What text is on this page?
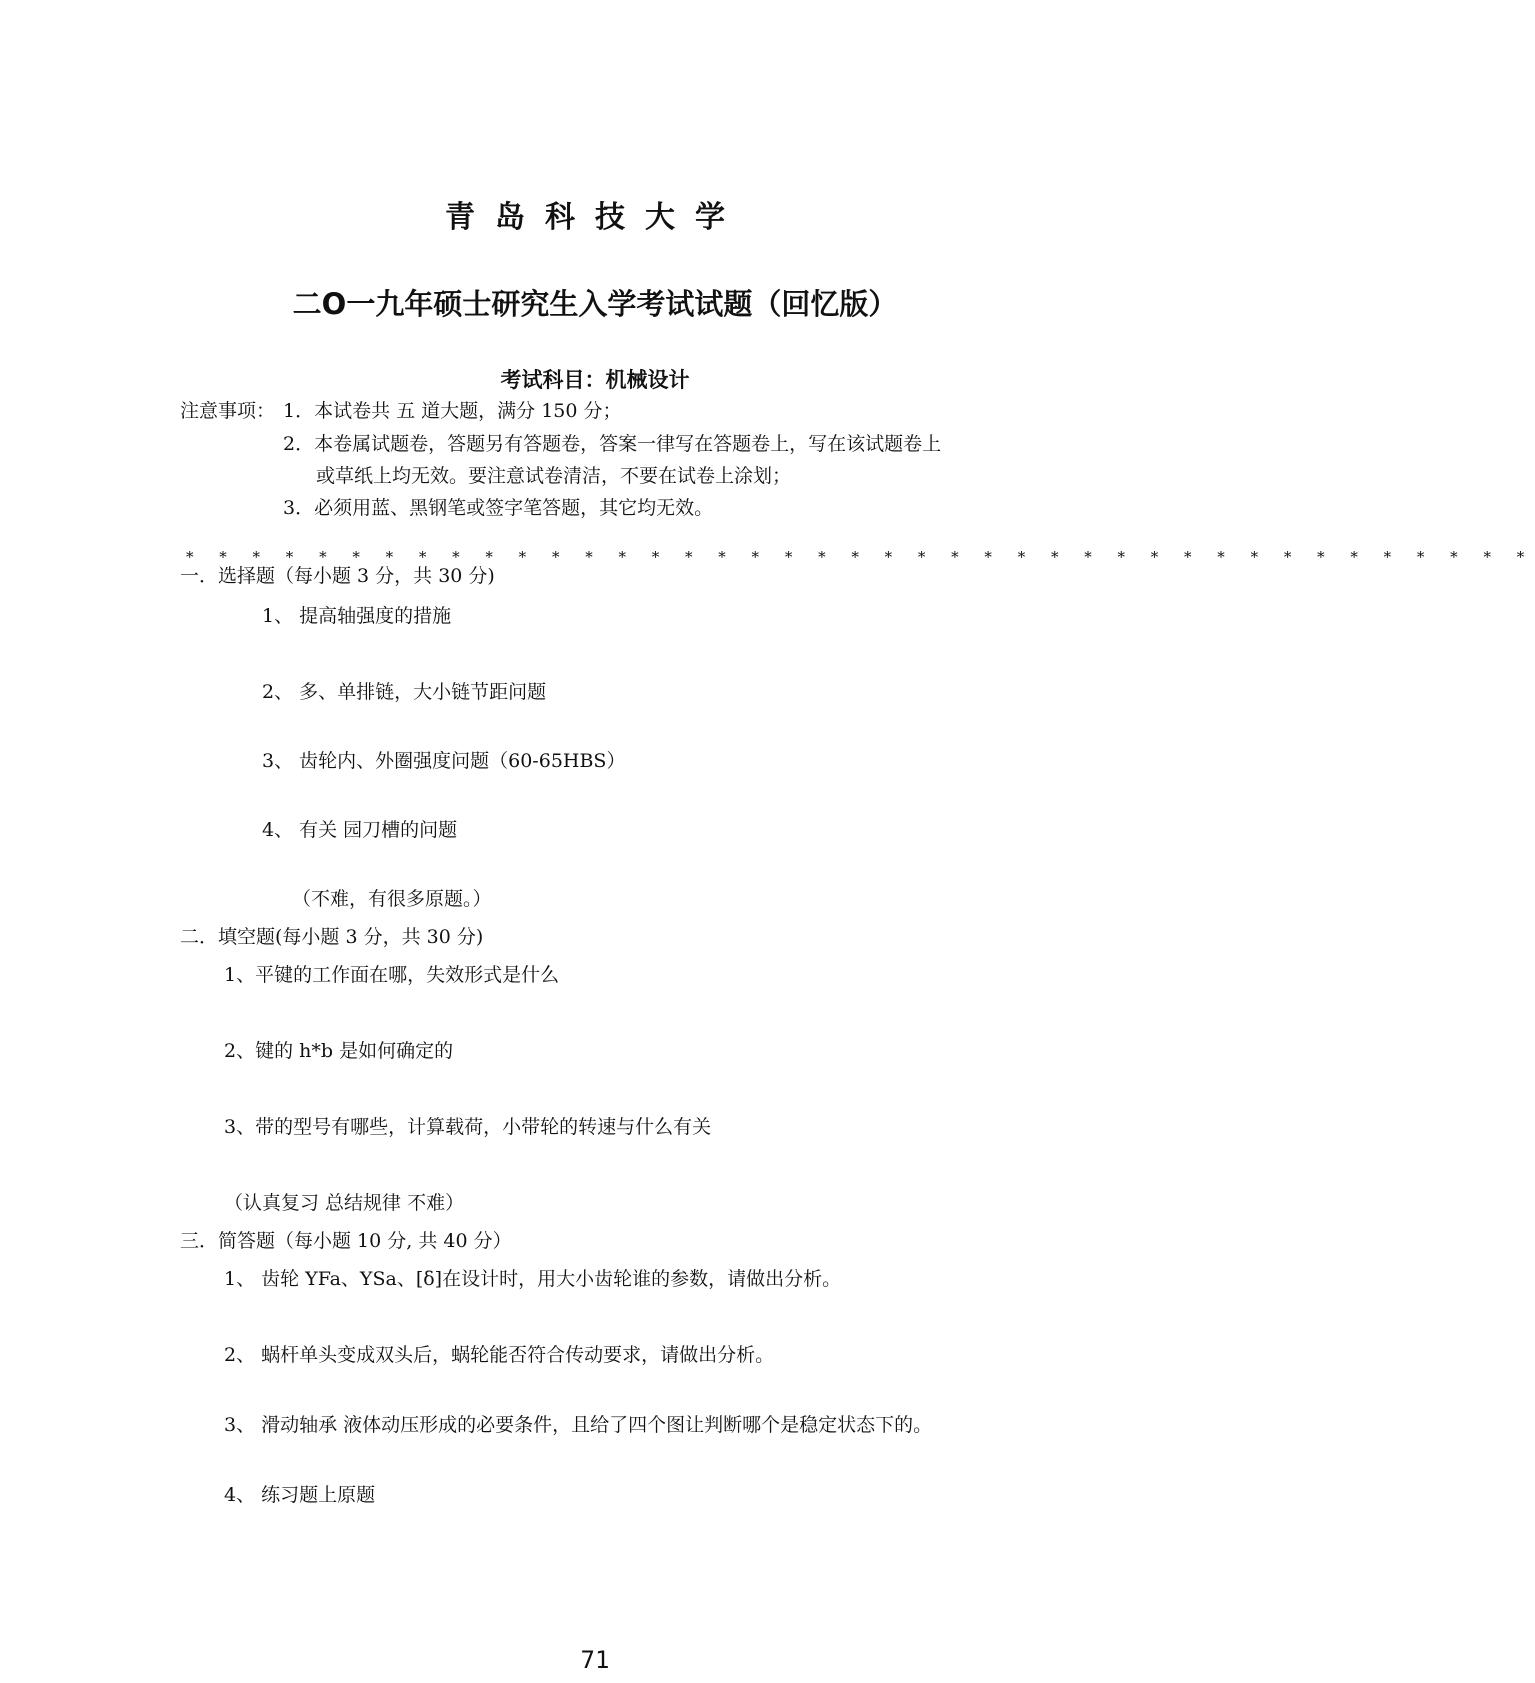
青岛科技大学
二O一九年硕士研究生入学考试试题（回忆版）
考试科目：机械设计
注意事项： 1．本试卷共 五 道大题，满分 150 分；
2．本卷属试题卷，答题另有答题卷，答案一律写在答题卷上，写在该试题卷上
或草纸上均无效。要注意试卷清洁，不要在试卷上涂划；
3．必须用蓝、黑钢笔或签字笔答题，其它均无效。
* * * * * * * * * * * * * * * * * * * * * * * * * * * * * * * * * * * * * * * * *
一．选择题（每小题 3 分，共 30 分)
1、 提高轴强度的措施
2、 多、单排链，大小链节距问题
3、 齿轮内、外圈强度问题（60-65HBS）
4、 有关 园刀槽的问题
（不难，有很多原题。）
二．填空题(每小题 3 分，共 30 分)
1、平键的工作面在哪，失效形式是什么
2、键的 h*b 是如何确定的
3、带的型号有哪些，计算载荷，小带轮的转速与什么有关
（认真复习 总结规律 不难）
三．简答题（每小题 10 分, 共 40 分）
1、 齿轮 YFa、YSa、[δ]在设计时，用大小齿轮谁的参数，请做出分析。
2、 蜗杆单头变成双头后，蜗轮能否符合传动要求，请做出分析。
3、 滑动轴承 液体动压形成的必要条件，且给了四个图让判断哪个是稳定状态下的。
4、 练习题上原题
71
